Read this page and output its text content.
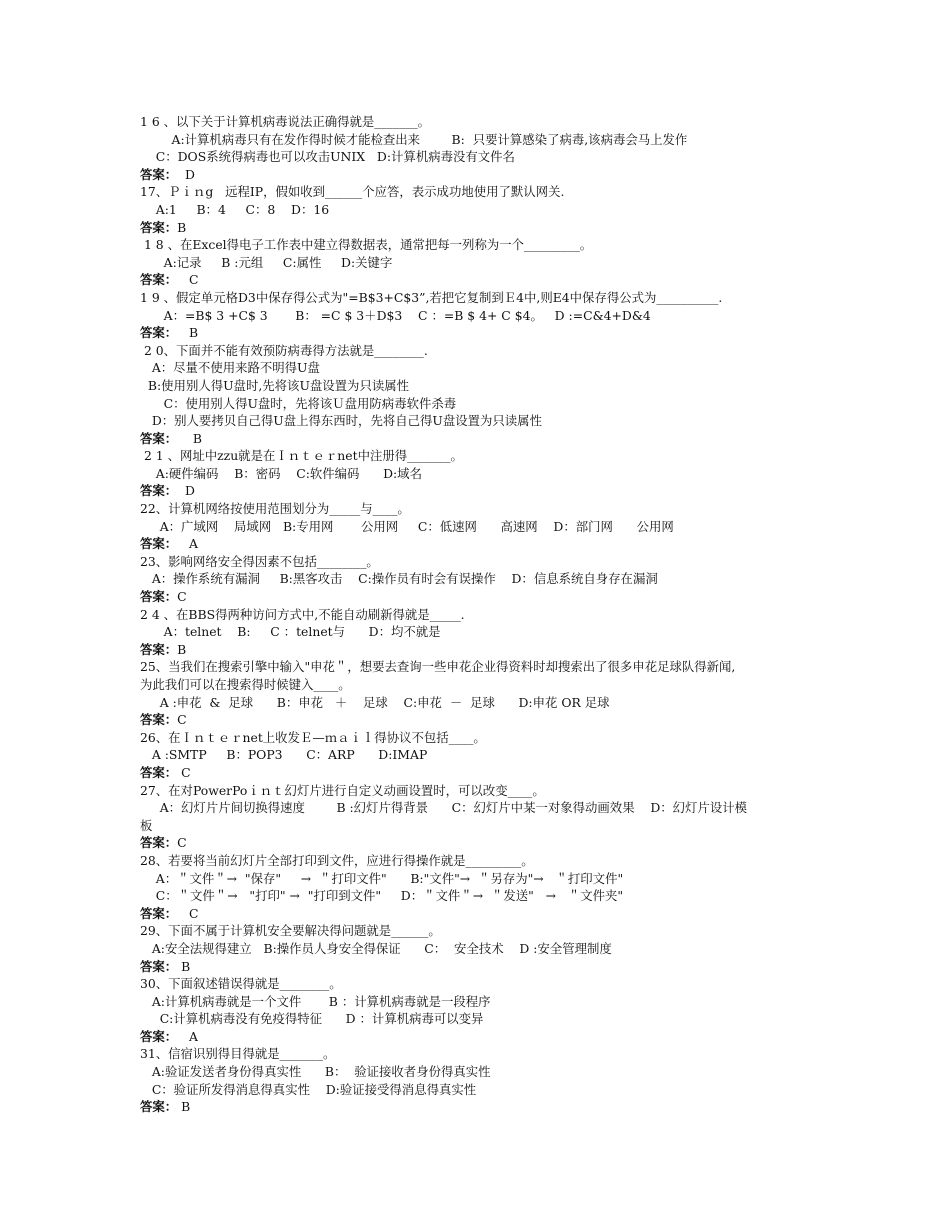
1 6 、以下关于计算机病毒说法正确得就是_______。
A:计算机病毒只有在发作得时候才能检查出来        B:  只要计算感染了病毒,该病毒会马上发作
C：DOS系统得病毒也可以攻击UNIX   D:计算机病毒没有文件名
答案：  D
17、Ｐｉｎg   远程IP，假如收到______个应答，表示成功地使用了默认网关.
A:1     B：4     C：8    D：16
答案：B
1 8 、在Excel得电子工作表中建立得数据表，通常把每一列称为一个_________。
A:记录     B :元组     C:属性     D:关键字
答案：   C
1 9 、假定单元格D3中保存得公式为"=B$3+C$3”,若把它复制到Ｅ4中,则E4中保存得公式为__________.
A：=B$ 3 +C$ 3       B： =C $ 3＋D$3    C ：=B $ 4+ C $4。   D :=C&4+D&4
答案：   B
2 0、下面并不能有效预防病毒得方法就是________.
A：尽量不使用来路不明得U盘
B:使用别人得U盘时,先将该U盘设置为只读属性
C：使用别人得U盘时，先将该Ｕ盘用防病毒软件杀毒
D：别人要拷贝自己得U盘上得东西时，先将自己得U盘设置为只读属性
答案：    B
2 1 、网址中zzu就是在Ｉｎｔｅｒnet中注册得_______。
A:硬件编码    B：密码    C:软件编码      D:域名
答案：  D
22、计算机网络按使用范围划分为_____与____。
A：广域网    局域网   B:专用网       公用网     C：低速网      高速网    D：部门网      公用网
答案：   A
23、影响网络安全得因素不包括________。
A：操作系统有漏洞     B:黑客攻击    C:操作员有时会有误操作    D：信息系统自身存在漏洞
答案：C
2 4 、在BBS得两种访问方式中,不能自动刷新得就是_____.
A：telnet    B:     C ：telnet与      D：均不就是
答案：B
25、当我们在搜索引擎中输入"申花＂，想要去查询一些申花企业得资料时却搜索出了很多申花足球队得新闻,
为此我们可以在搜索得时候键入____。
A :申花  &  足球      B：申花   ＋    足球    C:申花  －  足球      D:申花 OR 足球
答案：C
26、在Ｉｎｔｅｒnet上收发Ｅ—ｍａｉｌ得协议不包括____。
A :SMTP     B：POP3      C：ARP      D:IMAP
答案： C
27、在对PowerPoｉｎｔ幻灯片进行自定义动画设置时，可以改变____。
A：幻灯片片间切换得速度        B :幻灯片得背景      C：幻灯片中某一对象得动画效果    D：幻灯片设计模
板
答案：C
28、若要将当前幻灯片全部打印到文件，应进行得操作就是_________。
A：＂文件＂→  "保存"     →  ＂打印文件"      B:"文件"→  ＂另存为"→   ＂打印文件"
C：＂文件＂→   "打印" →  "打印到文件"     D：＂文件＂→  ＂发送"   →   ＂文件夹"
答案：   C
29、下面不属于计算机安全要解决得问题就是______。
A:安全法规得建立   B:操作员人身安全得保证      C：  安全技术    D :安全管理制度
答案： B
30、下面叙述错误得就是________。
A:计算机病毒就是一个文件       B ：计算机病毒就是一段程序
C:计算机病毒没有免疫得特征      D ：计算机病毒可以变异
答案：   A
31、信宿识别得目得就是_______。
A:验证发送者身份得真实性      B：  验证接收者身份得真实性
C：验证所发得消息得真实性    D:验证接受得消息得真实性
答案： B
